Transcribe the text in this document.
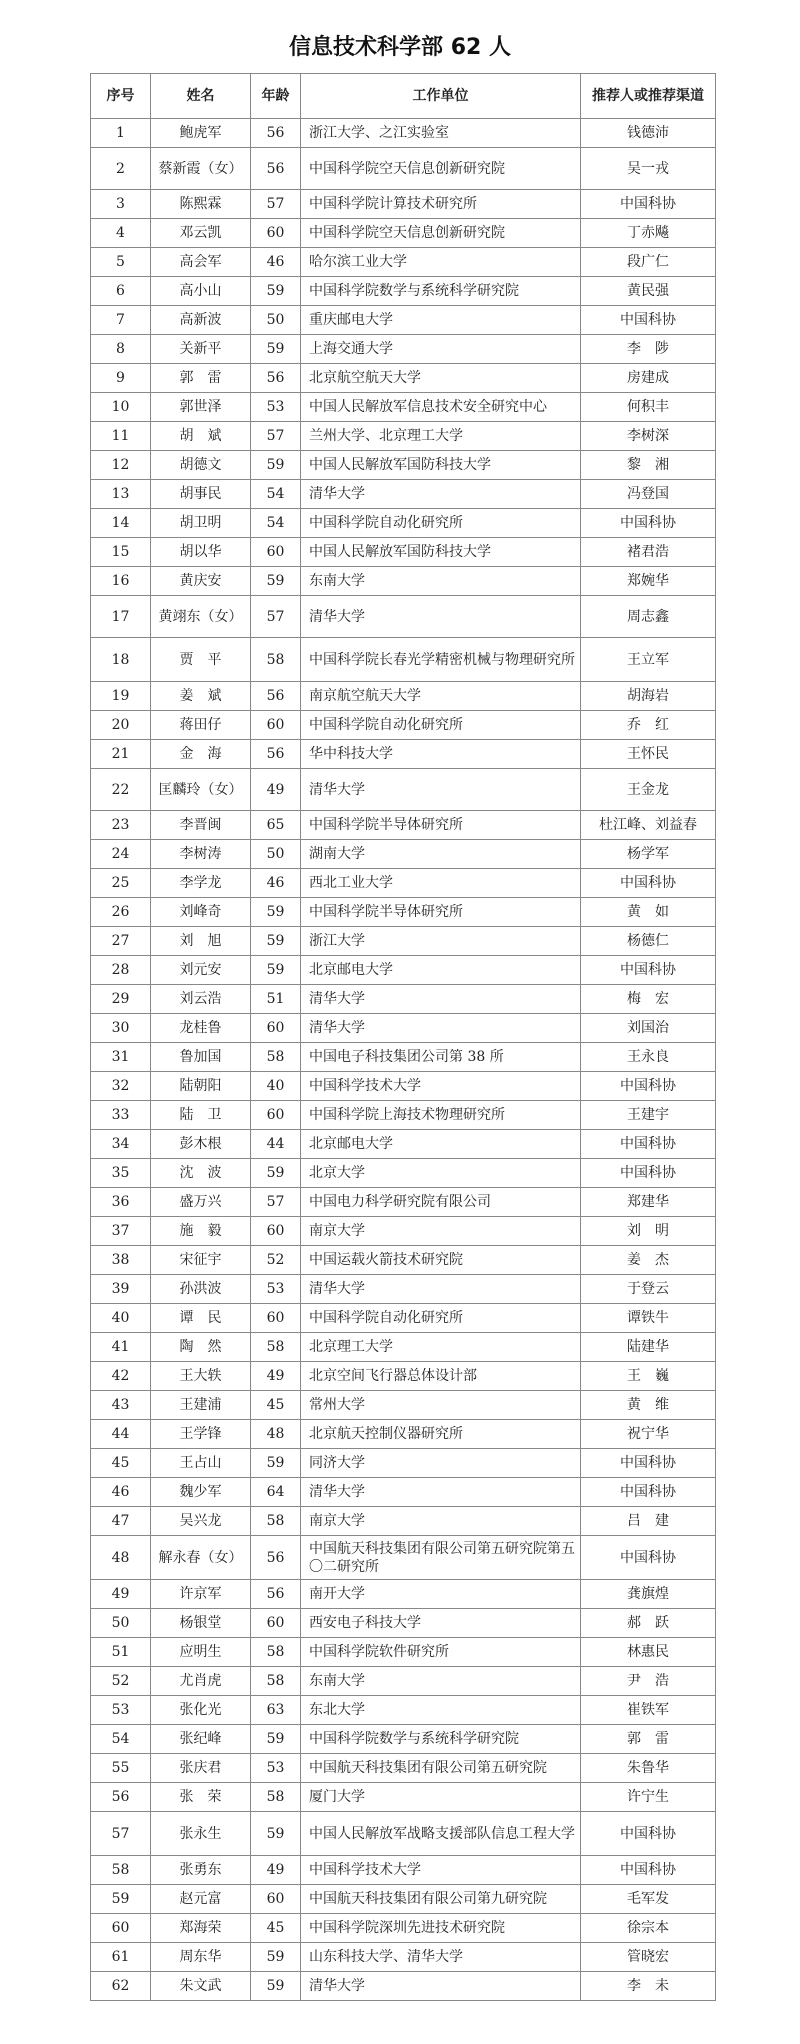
信息技术科学部 62 人
序号	姓名	年龄	工作单位	推荐人或推荐渠道
1	鲍虎军	56	浙江大学、之江实验室	钱德沛
2	蔡新霞（女）	56	中国科学院空天信息创新研究院	吴一戎
3	陈熙霖	57	中国科学院计算技术研究所	中国科协
4	邓云凯	60	中国科学院空天信息创新研究院	丁赤飚
5	高会军	46	哈尔滨工业大学	段广仁
6	高小山	59	中国科学院数学与系统科学研究院	黄民强
7	高新波	50	重庆邮电大学	中国科协
8	关新平	59	上海交通大学	李　陟
9	郭　雷	56	北京航空航天大学	房建成
10	郭世泽	53	中国人民解放军信息技术安全研究中心	何积丰
11	胡　斌	57	兰州大学、北京理工大学	李树深
12	胡德文	59	中国人民解放军国防科技大学	黎　湘
13	胡事民	54	清华大学	冯登国
14	胡卫明	54	中国科学院自动化研究所	中国科协
15	胡以华	60	中国人民解放军国防科技大学	褚君浩
16	黄庆安	59	东南大学	郑婉华
17	黄翊东（女）	57	清华大学	周志鑫
18	贾　平	58	中国科学院长春光学精密机械与物理研究所	王立军
19	姜　斌	56	南京航空航天大学	胡海岩
20	蒋田仔	60	中国科学院自动化研究所	乔　红
21	金　海	56	华中科技大学	王怀民
22	匡麟玲（女）	49	清华大学	王金龙
23	李晋闽	65	中国科学院半导体研究所	杜江峰、刘益春
24	李树涛	50	湖南大学	杨学军
25	李学龙	46	西北工业大学	中国科协
26	刘峰奇	59	中国科学院半导体研究所	黄　如
27	刘　旭	59	浙江大学	杨德仁
28	刘元安	59	北京邮电大学	中国科协
29	刘云浩	51	清华大学	梅　宏
30	龙桂鲁	60	清华大学	刘国治
31	鲁加国	58	中国电子科技集团公司第 38 所	王永良
32	陆朝阳	40	中国科学技术大学	中国科协
33	陆　卫	60	中国科学院上海技术物理研究所	王建宇
34	彭木根	44	北京邮电大学	中国科协
35	沈　波	59	北京大学	中国科协
36	盛万兴	57	中国电力科学研究院有限公司	郑建华
37	施　毅	60	南京大学	刘　明
38	宋征宇	52	中国运载火箭技术研究院	姜　杰
39	孙洪波	53	清华大学	于登云
40	谭　民	60	中国科学院自动化研究所	谭铁牛
41	陶　然	58	北京理工大学	陆建华
42	王大轶	49	北京空间飞行器总体设计部	王　巍
43	王建浦	45	常州大学	黄　维
44	王学锋	48	北京航天控制仪器研究所	祝宁华
45	王占山	59	同济大学	中国科协
46	魏少军	64	清华大学	中国科协
47	吴兴龙	58	南京大学	吕　建
48	解永春（女）	56	中国航天科技集团有限公司第五研究院第五〇二研究所	中国科协
49	许京军	56	南开大学	龚旗煌
50	杨银堂	60	西安电子科技大学	郝　跃
51	应明生	58	中国科学院软件研究所	林惠民
52	尤肖虎	58	东南大学	尹　浩
53	张化光	63	东北大学	崔铁军
54	张纪峰	59	中国科学院数学与系统科学研究院	郭　雷
55	张庆君	53	中国航天科技集团有限公司第五研究院	朱鲁华
56	张　荣	58	厦门大学	许宁生
57	张永生	59	中国人民解放军战略支援部队信息工程大学	中国科协
58	张勇东	49	中国科学技术大学	中国科协
59	赵元富	60	中国航天科技集团有限公司第九研究院	毛军发
60	郑海荣	45	中国科学院深圳先进技术研究院	徐宗本
61	周东华	59	山东科技大学、清华大学	管晓宏
62	朱文武	59	清华大学	李　未
